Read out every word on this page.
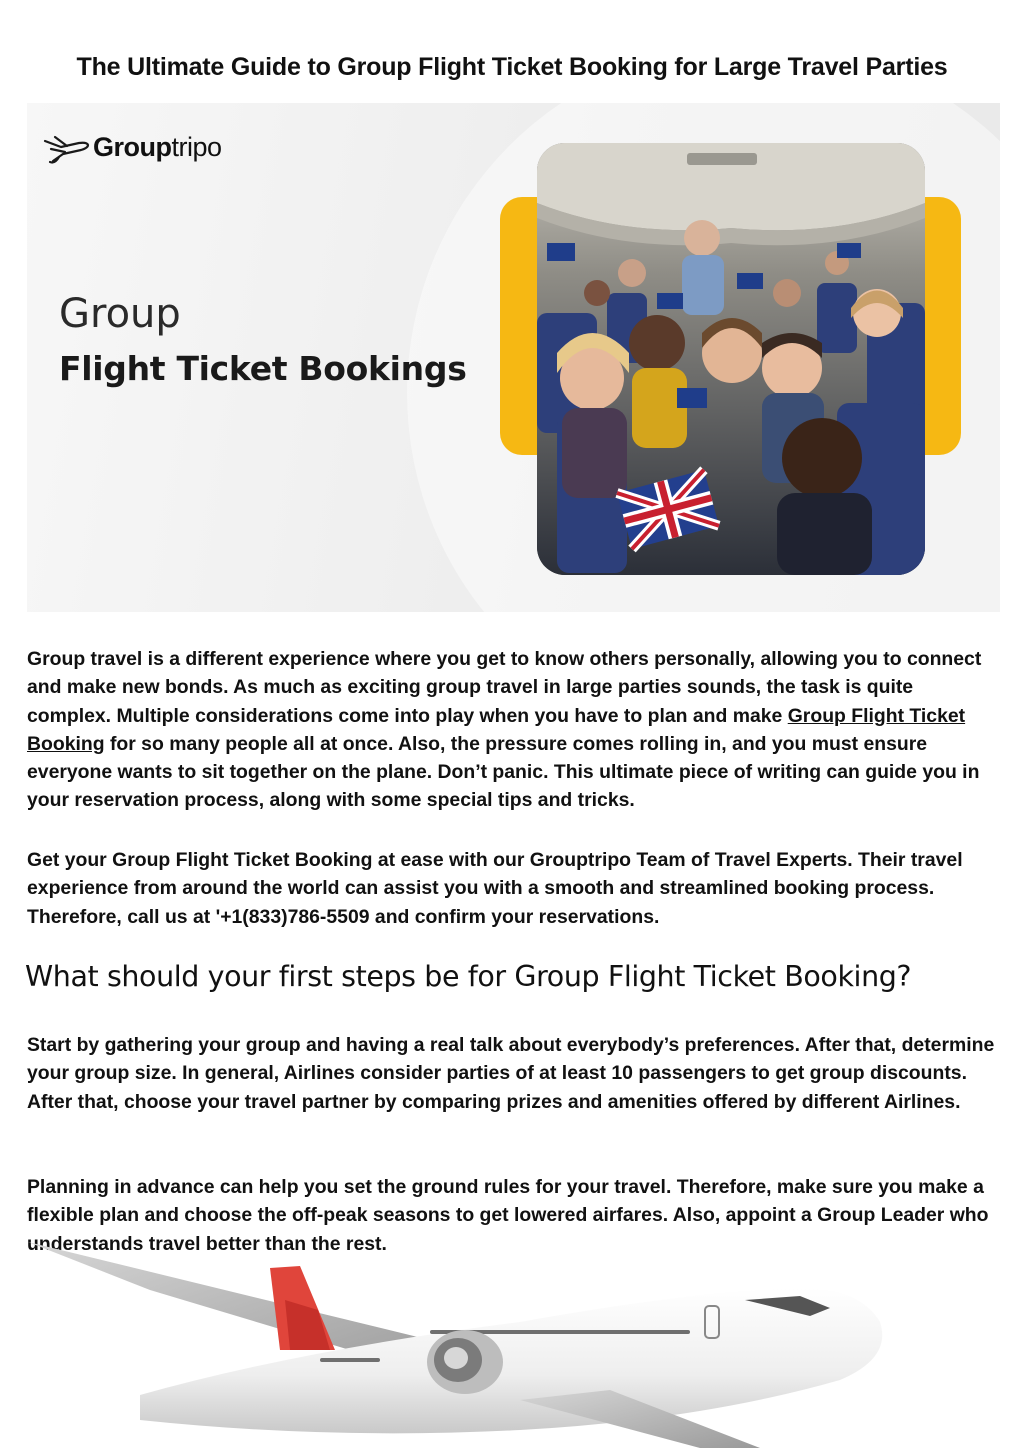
The Ultimate Guide to Group Flight Ticket Booking for Large Travel Parties
Grouptripo
Group
Flight Ticket Bookings

Group travel is a different experience where you get to know others personally, allowing you to connect and make new bonds. As much as exciting group travel in large parties sounds, the task is quite complex. Multiple considerations come into play when you have to plan and make Group Flight Ticket Booking for so many people all at once. Also, the pressure comes rolling in, and you must ensure everyone wants to sit together on the plane. Don’t panic. This ultimate piece of writing can guide you in your reservation process, along with some special tips and tricks.

Get your Group Flight Ticket Booking at ease with our Grouptripo Team of Travel Experts. Their travel experience from around the world can assist you with a smooth and streamlined booking process. Therefore, call us at '+1(833)786-5509 and confirm your reservations.

What should your first steps be for Group Flight Ticket Booking?

Start by gathering your group and having a real talk about everybody’s preferences. After that, determine your group size. In general, Airlines consider parties of at least 10 passengers to get group discounts. After that, choose your travel partner by comparing prizes and amenities offered by different Airlines.

Planning in advance can help you set the ground rules for your travel. Therefore, make sure you make a flexible plan and choose the off-peak seasons to get lowered airfares. Also, appoint a Group Leader who understands travel better than the rest.
